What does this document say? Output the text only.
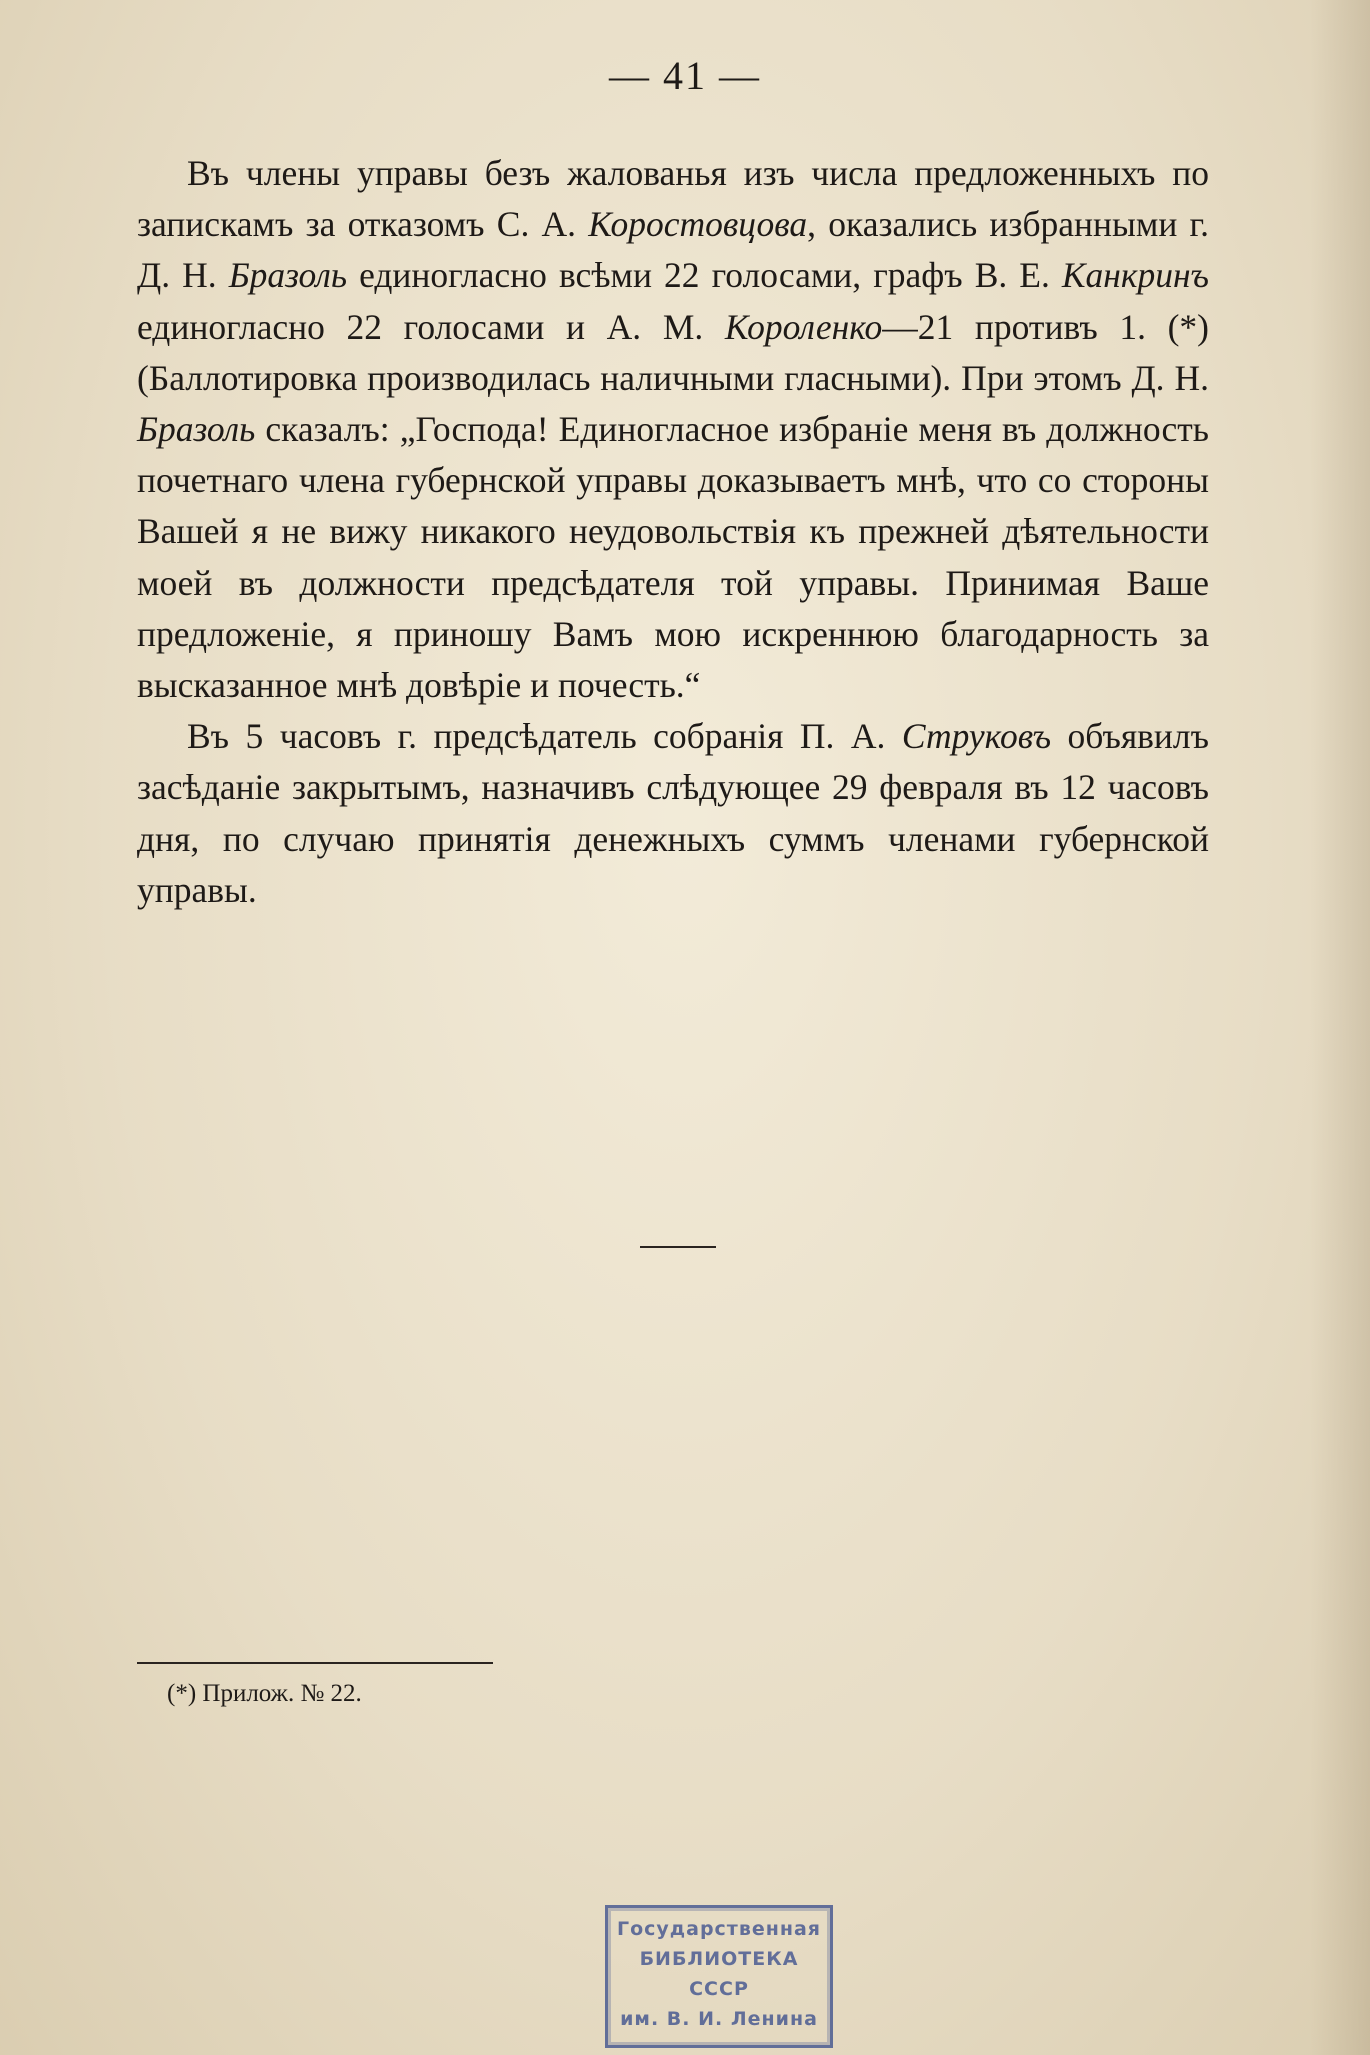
— 41 —

Въ члены управы безъ жалованья изъ числа предложенныхъ по запискамъ за отказомъ С. А. Коростовцова, оказались избранными г. Д. Н. Бразоль единогласно всѣми 22 голосами, графъ В. Е. Канкринъ единогласно 22 голосами и А. М. Короленко—21 противъ 1. (*) (Баллотировка производилась наличными гласными). При этомъ Д. Н. Бразоль сказалъ: „Господа! Единогласное избраніе меня въ должность почетнаго члена губернской управы доказываетъ мнѣ, что со стороны Вашей я не вижу никакого неудовольствія къ прежней дѣятельности моей въ должности предсѣдателя той управы. Принимая Ваше предложеніе, я приношу Вамъ мою искреннюю благодарность за высказанное мнѣ довѣріе и почесть.“

Въ 5 часовъ г. предсѣдатель собранія П. А. Струковъ объявилъ засѣданіе закрытымъ, назначивъ слѣдующее 29 февраля въ 12 часовъ дня, по случаю принятія денежныхъ суммъ членами губернской управы.

(*) Прилож. № 22.
Государственная
БИБЛИОТЕКА
СССР
им. В. И. Ленина
